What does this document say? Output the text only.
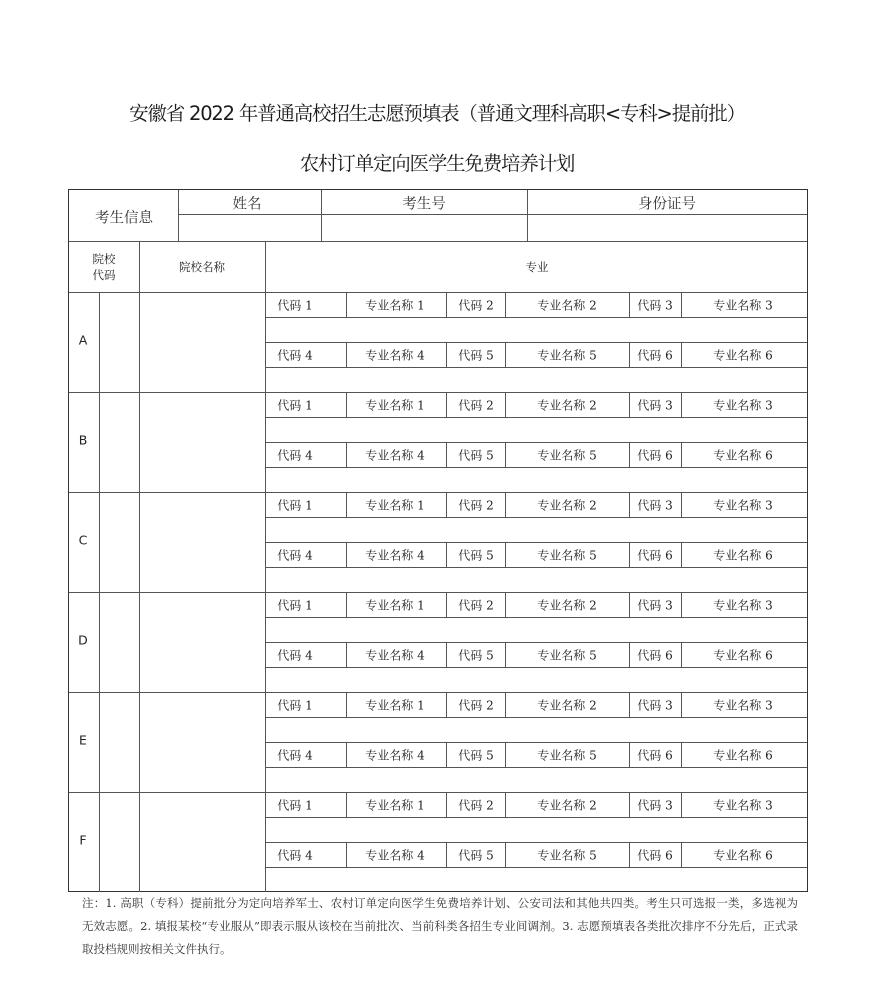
安徽省 2022 年普通高校招生志愿预填表（普通文理科高职<专科>提前批）
农村订单定向医学生免费培养计划
考生信息
姓名	考生号	身份证号
院校
代码
院校名称	专业
A
代码 1	专业名称 1	代码 2	专业名称 2	代码 3	专业名称 3
代码 4	专业名称 4	代码 5	专业名称 5	代码 6	专业名称 6
B
代码 1	专业名称 1	代码 2	专业名称 2	代码 3	专业名称 3
代码 4	专业名称 4	代码 5	专业名称 5	代码 6	专业名称 6
C
代码 1	专业名称 1	代码 2	专业名称 2	代码 3	专业名称 3
代码 4	专业名称 4	代码 5	专业名称 5	代码 6	专业名称 6
D
代码 1	专业名称 1	代码 2	专业名称 2	代码 3	专业名称 3
代码 4	专业名称 4	代码 5	专业名称 5	代码 6	专业名称 6
E
代码 1	专业名称 1	代码 2	专业名称 2	代码 3	专业名称 3
代码 4	专业名称 4	代码 5	专业名称 5	代码 6	专业名称 6
F
代码 1	专业名称 1	代码 2	专业名称 2	代码 3	专业名称 3
代码 4	专业名称 4	代码 5	专业名称 5	代码 6	专业名称 6
注：1. 高职（专科）提前批分为定向培养军士、农村订单定向医学生免费培养计划、公安司法和其他共四类。考生只可选报一类，多选视为无效志愿。2. 填报某校“专业服从”即表示服从该校在当前批次、当前科类各招生专业间调剂。3. 志愿预填表各类批次排序不分先后，正式录取投档规则按相关文件执行。
